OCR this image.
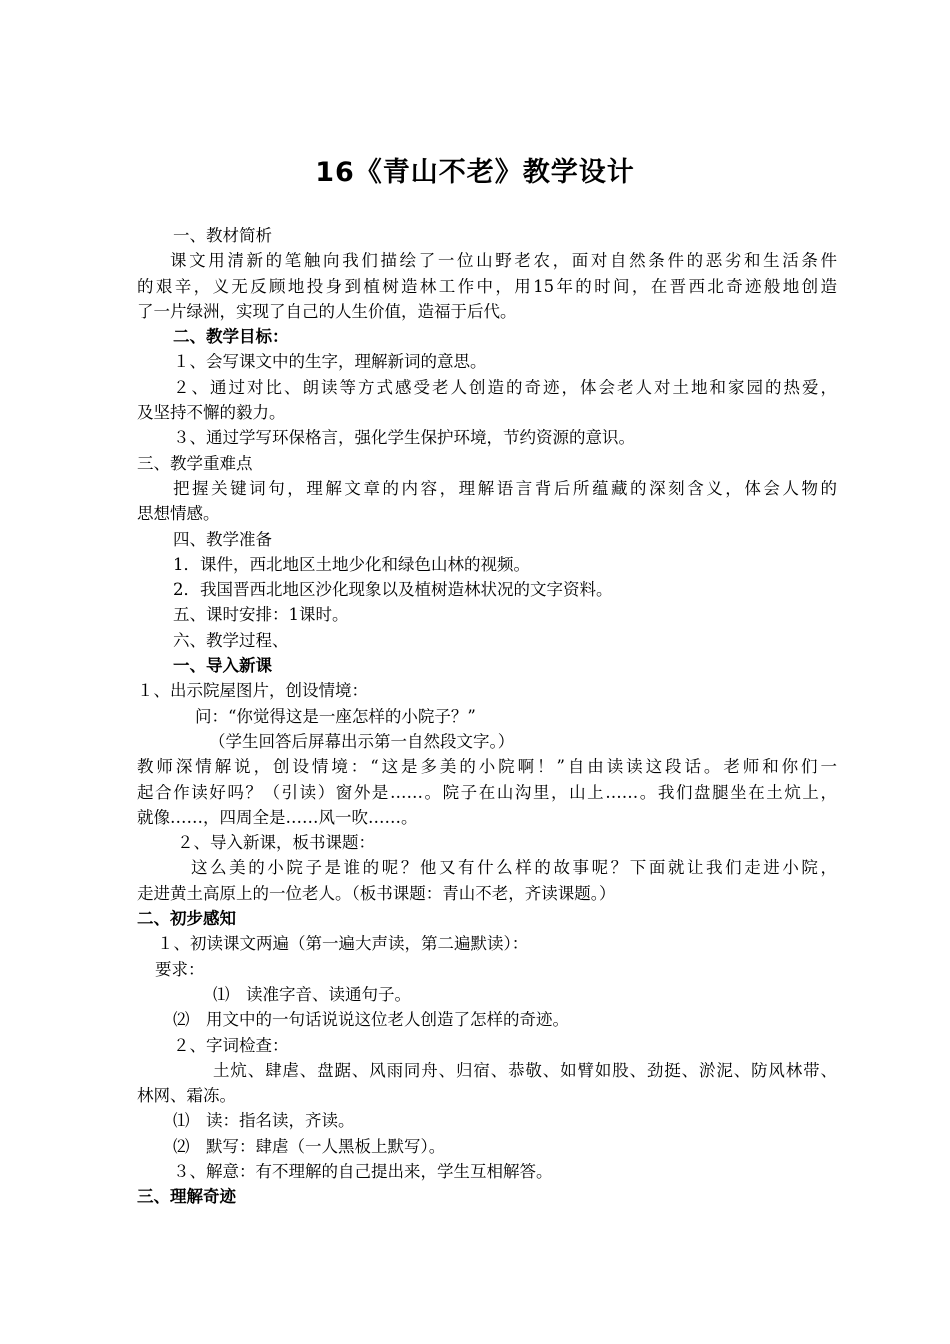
16《青山不老》教学设计
一、教材简析
课文用清新的笔触向我们描绘了一位山野老农，面对自然条件的恶劣和生活条件
的艰辛，义无反顾地投身到植树造林工作中，用15年的时间，在晋西北奇迹般地创造
了一片绿洲，实现了自己的人生价值，造福于后代。
二、教学目标：
１、会写课文中的生字，理解新词的意思。
２、通过对比、朗读等方式感受老人创造的奇迹，体会老人对土地和家园的热爱，
及坚持不懈的毅力。
３、通过学写环保格言，强化学生保护环境，节约资源的意识。
三、教学重难点
把握关键词句，理解文章的内容，理解语言背后所蕴藏的深刻含义，体会人物的
思想情感。
四、教学准备
1．课件，西北地区土地少化和绿色山林的视频。
2．我国晋西北地区沙化现象以及植树造林状况的文字资料。
五、课时安排：1课时。
六、教学过程、
一、导入新课
１、出示院屋图片，创设情境：
问：“你觉得这是一座怎样的小院子？”
（学生回答后屏幕出示第一自然段文字。）
教师深情解说，创设情境：“这是多美的小院啊！”自由读读这段话。老师和你们一
起合作读好吗？（引读）窗外是……。院子在山沟里，山上……。我们盘腿坐在土炕上，
就像……，四周全是……风一吹……。
２、导入新课，板书课题：
这么美的小院子是谁的呢？他又有什么样的故事呢？下面就让我们走进小院，
走进黄土高原上的一位老人。（板书课题：青山不老，齐读课题。）
二、初步感知
１、初读课文两遍（第一遍大声读，第二遍默读）：
要求：
⑴　读准字音、读通句子。
⑵　用文中的一句话说说这位老人创造了怎样的奇迹。
２、字词检查：
土炕、肆虐、盘踞、风雨同舟、归宿、恭敬、如臂如股、劲挺、淤泥、防风林带、
林网、霜冻。
⑴　读：指名读，齐读。
⑵　默写：肆虐（一人黑板上默写）。
３、解意：有不理解的自己提出来，学生互相解答。
三、理解奇迹
